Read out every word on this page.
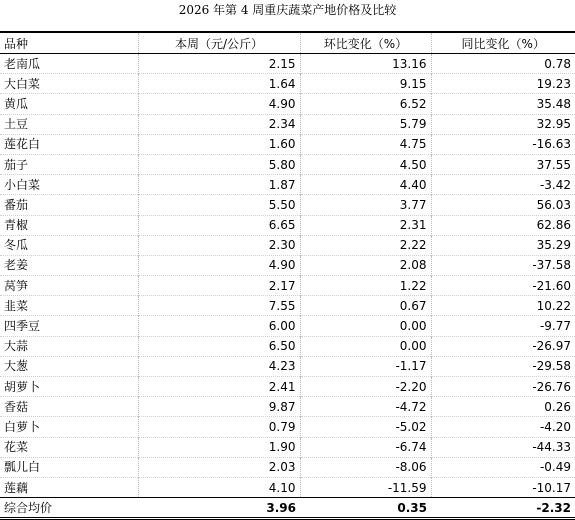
2026 年第 4 周重庆蔬菜产地价格及比较
品种	本周（元/公斤）	环比变化（%）	同比变化（%）
老南瓜	2.15	13.16	0.78
大白菜	1.64	9.15	19.23
黄瓜	4.90	6.52	35.48
土豆	2.34	5.79	32.95
莲花白	1.60	4.75	-16.63
茄子	5.80	4.50	37.55
小白菜	1.87	4.40	-3.42
番茄	5.50	3.77	56.03
青椒	6.65	2.31	62.86
冬瓜	2.30	2.22	35.29
老姜	4.90	2.08	-37.58
莴笋	2.17	1.22	-21.60
韭菜	7.55	0.67	10.22
四季豆	6.00	0.00	-9.77
大蒜	6.50	0.00	-26.97
大葱	4.23	-1.17	-29.58
胡萝卜	2.41	-2.20	-26.76
香菇	9.87	-4.72	0.26
白萝卜	0.79	-5.02	-4.20
花菜	1.90	-6.74	-44.33
瓢儿白	2.03	-8.06	-0.49
莲藕	4.10	-11.59	-10.17
综合均价	3.96	0.35	-2.32
